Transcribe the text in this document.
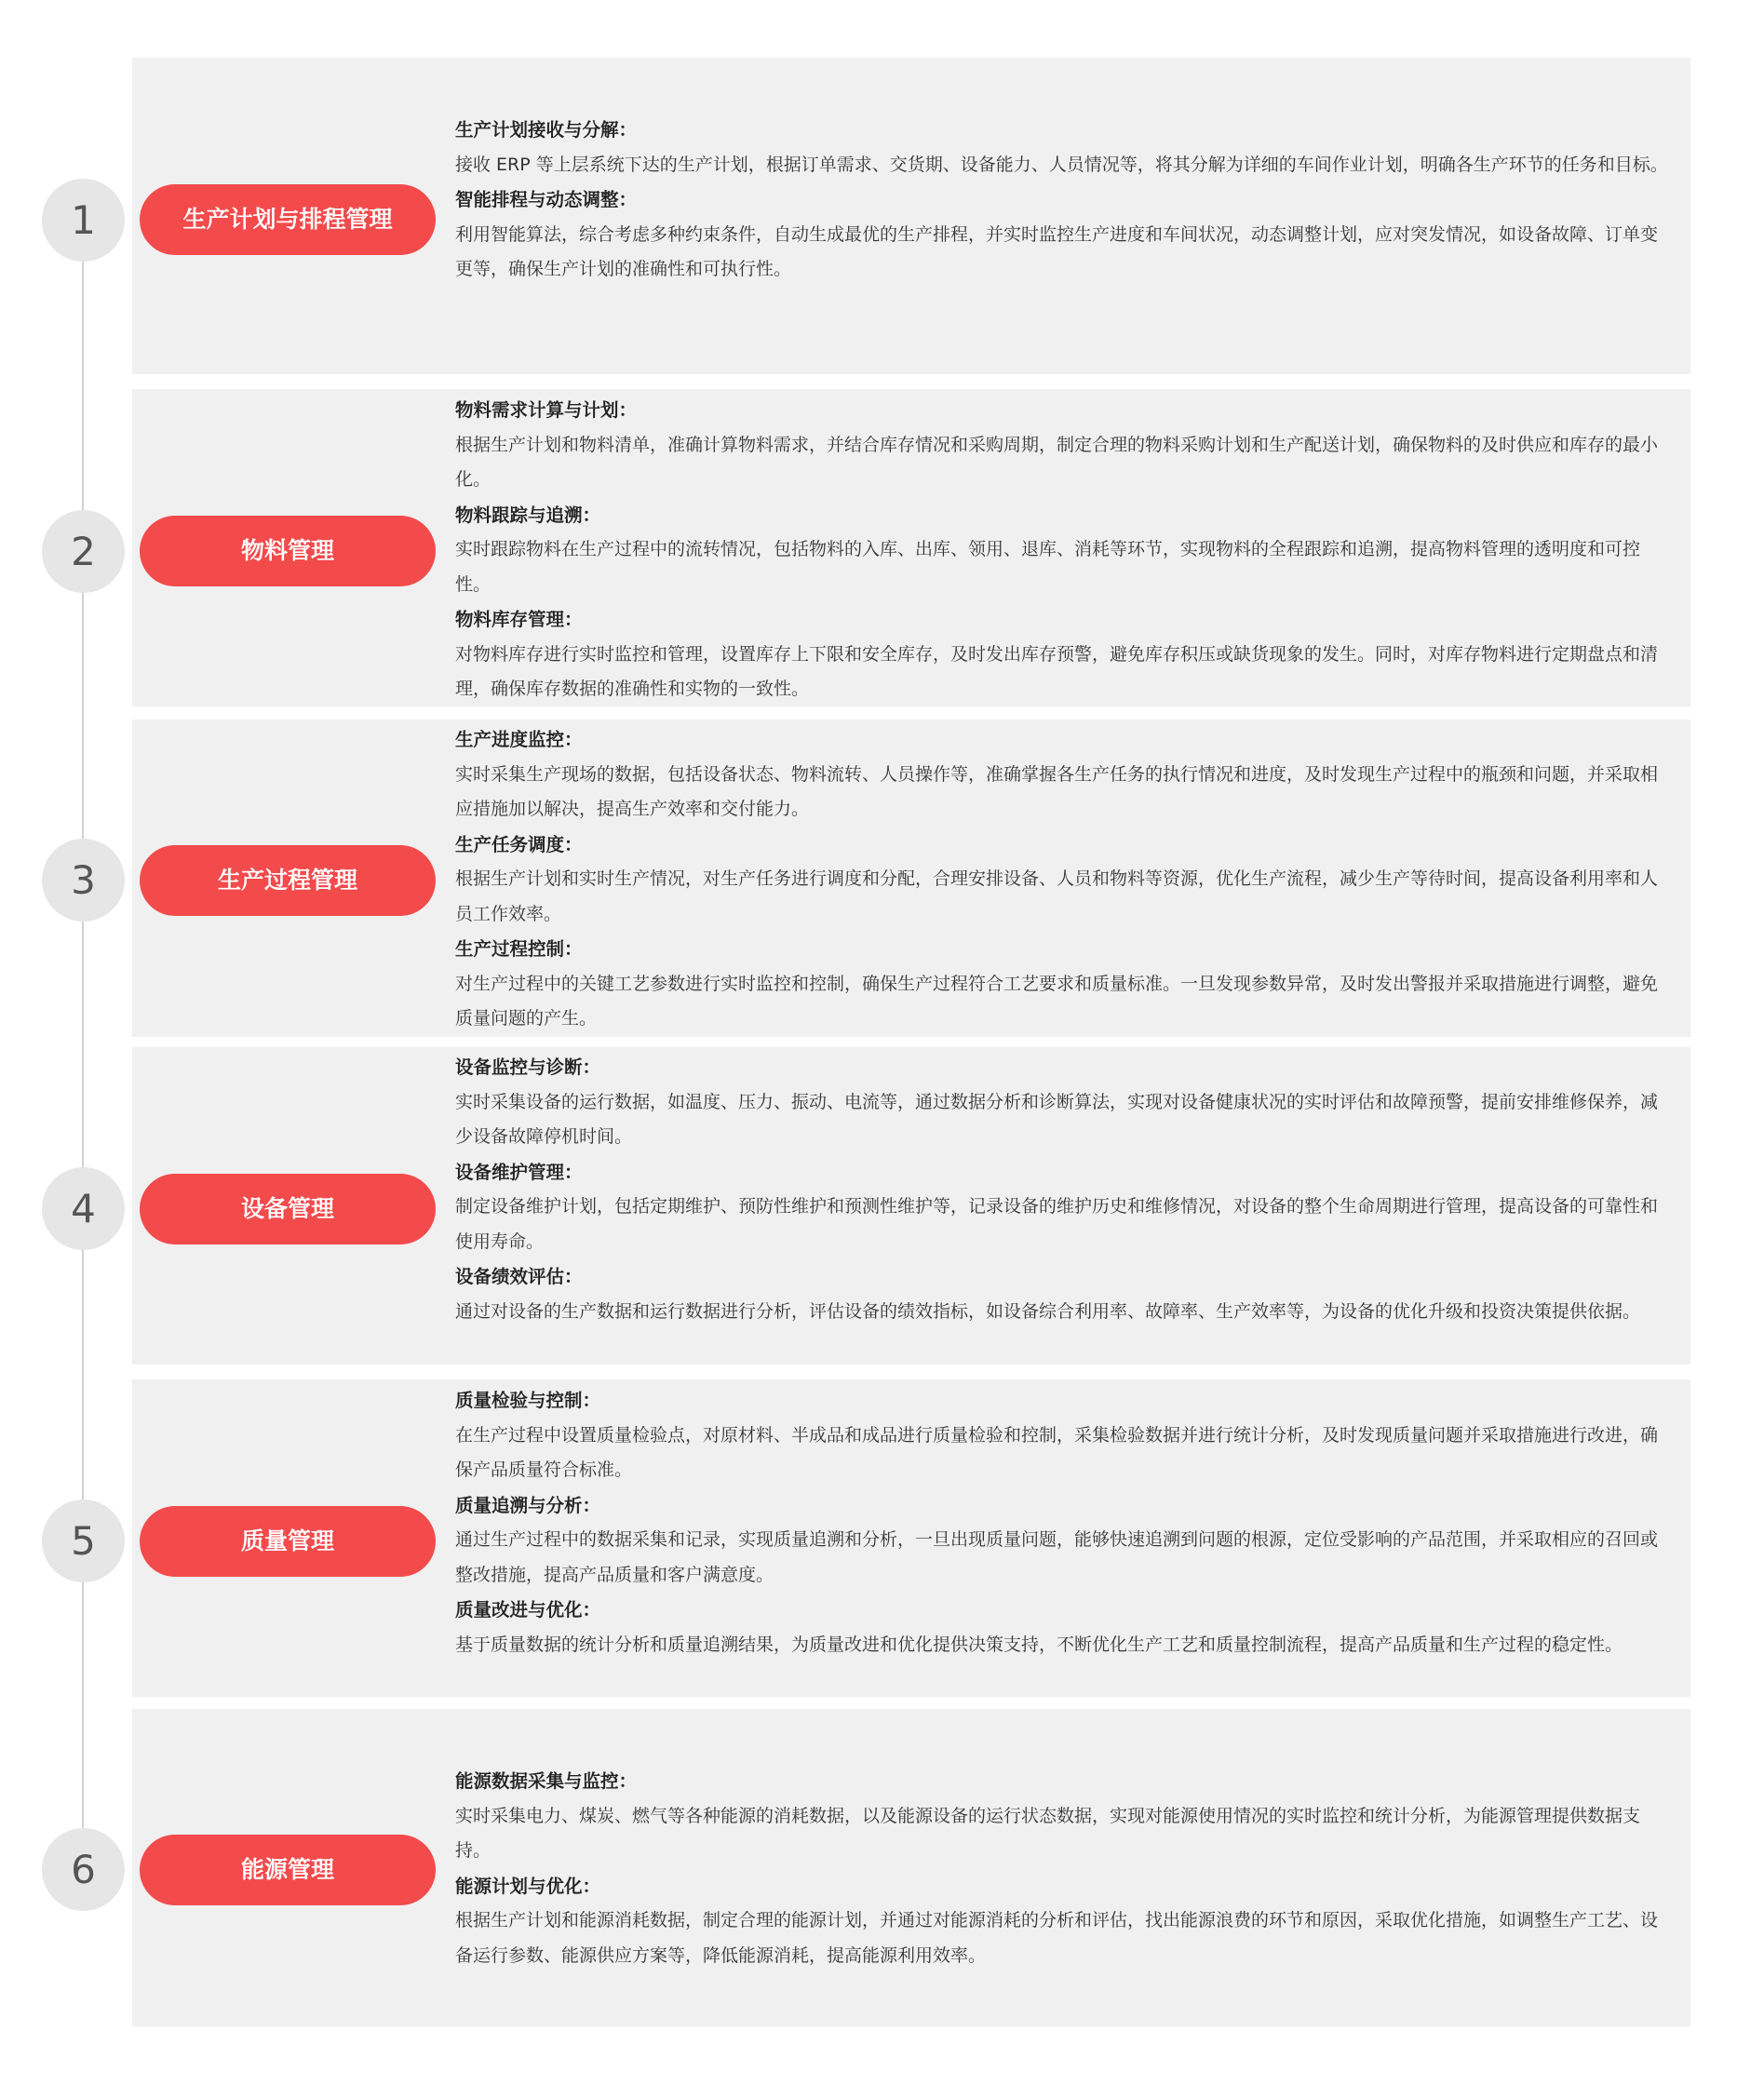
1	生产计划与排程管理
生产计划接收与分解：

接收 ERP 等上层系统下达的生产计划，根据订单需求、交货期、设备能力、人员情况等，将其分解为详细的车间作业计划，明确各生产环节的任务和目标。

智能排程与动态调整：

利用智能算法，综合考虑多种约束条件，自动生成最优的生产排程，并实时监控生产进度和车间状况，动态调整计划，应对突发情况，如设备故障、订单变更等，确保生产计划的准确性和可执行性。

2	物料管理
物料需求计算与计划：

根据生产计划和物料清单，准确计算物料需求，并结合库存情况和采购周期，制定合理的物料采购计划和生产配送计划，确保物料的及时供应和库存的最小化。

物料跟踪与追溯：

实时跟踪物料在生产过程中的流转情况，包括物料的入库、出库、领用、退库、消耗等环节，实现物料的全程跟踪和追溯，提高物料管理的透明度和可控性。

物料库存管理：

对物料库存进行实时监控和管理，设置库存上下限和安全库存，及时发出库存预警，避免库存积压或缺货现象的发生。同时，对库存物料进行定期盘点和清理，确保库存数据的准确性和实物的一致性。

3	生产过程管理
生产进度监控：

实时采集生产现场的数据，包括设备状态、物料流转、人员操作等，准确掌握各生产任务的执行情况和进度，及时发现生产过程中的瓶颈和问题，并采取相应措施加以解决，提高生产效率和交付能力。

生产任务调度：

根据生产计划和实时生产情况，对生产任务进行调度和分配，合理安排设备、人员和物料等资源，优化生产流程，减少生产等待时间，提高设备利用率和人员工作效率。

生产过程控制：

对生产过程中的关键工艺参数进行实时监控和控制，确保生产过程符合工艺要求和质量标准。一旦发现参数异常，及时发出警报并采取措施进行调整，避免质量问题的产生。

4	设备管理
设备监控与诊断：

实时采集设备的运行数据，如温度、压力、振动、电流等，通过数据分析和诊断算法，实现对设备健康状况的实时评估和故障预警，提前安排维修保养，减少设备故障停机时间。

设备维护管理：

制定设备维护计划，包括定期维护、预防性维护和预测性维护等，记录设备的维护历史和维修情况，对设备的整个生命周期进行管理，提高设备的可靠性和使用寿命。

设备绩效评估：

通过对设备的生产数据和运行数据进行分析，评估设备的绩效指标，如设备综合利用率、故障率、生产效率等，为设备的优化升级和投资决策提供依据。

5	质量管理
质量检验与控制：

在生产过程中设置质量检验点，对原材料、半成品和成品进行质量检验和控制，采集检验数据并进行统计分析，及时发现质量问题并采取措施进行改进，确保产品质量符合标准。

质量追溯与分析：

通过生产过程中的数据采集和记录，实现质量追溯和分析，一旦出现质量问题，能够快速追溯到问题的根源，定位受影响的产品范围，并采取相应的召回或整改措施，提高产品质量和客户满意度。

质量改进与优化：

基于质量数据的统计分析和质量追溯结果，为质量改进和优化提供决策支持，不断优化生产工艺和质量控制流程，提高产品质量和生产过程的稳定性。

6	能源管理
能源数据采集与监控：

实时采集电力、煤炭、燃气等各种能源的消耗数据，以及能源设备的运行状态数据，实现对能源使用情况的实时监控和统计分析，为能源管理提供数据支持。

能源计划与优化：

根据生产计划和能源消耗数据，制定合理的能源计划，并通过对能源消耗的分析和评估，找出能源浪费的环节和原因，采取优化措施，如调整生产工艺、设备运行参数、能源供应方案等，降低能源消耗，提高能源利用效率。
